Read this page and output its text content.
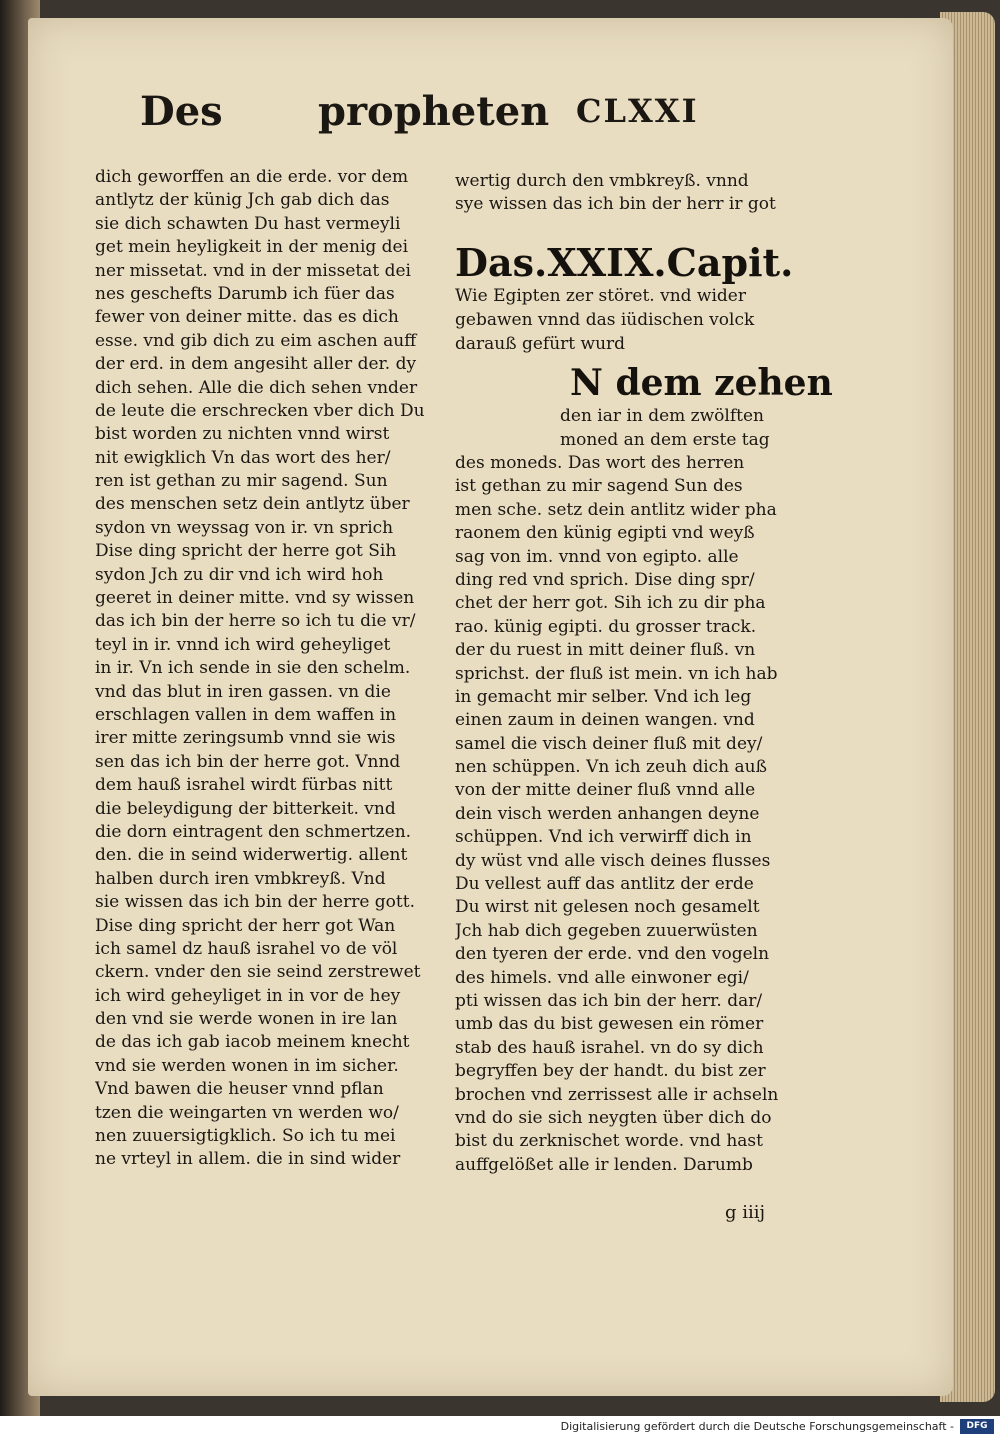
Des propheten CLXXI
dich geworffen an die erde. vor dem
antlytz der künig Jch gab dich das
sie dich schawten Du hast vermeyli
get mein heyligkeit in der menig dei
ner missetat. vnd in der missetat dei
nes geschefts Darumb ich füer das
fewer von deiner mitte. das es dich
esse. vnd gib dich zu eim aschen auff
der erd. in dem angesiht aller der. dy
dich sehen. Alle die dich sehen vnder
de leute die erschrecken vber dich Du
bist worden zu nichten vnnd wirst
nit ewigklich Vn das wort des her/
ren ist gethan zu mir sagend. Sun
des menschen setz dein antlytz über
sydon vn weyssag von ir. vn sprich
Dise ding spricht der herre got Sih
sydon Jch zu dir vnd ich wird hoh
geeret in deiner mitte. vnd sy wissen
das ich bin der herre so ich tu die vr/
teyl in ir. vnnd ich wird geheyliget
in ir. Vn ich sende in sie den schelm.
vnd das blut in iren gassen. vn die
erschlagen vallen in dem waffen in
irer mitte zeringsumb vnnd sie wis
sen das ich bin der herre got. Vnnd
dem hauß israhel wirdt fürbas nitt
die beleydigung der bitterkeit. vnd
die dorn eintragent den schmertzen.
den. die in seind widerwertig. allent
halben durch iren vmbkreyß. Vnd
sie wissen das ich bin der herre gott.
Dise ding spricht der herr got Wan
ich samel dz hauß israhel vo de völ
ckern. vnder den sie seind zerstrewet
ich wird geheyliget in in vor de hey
den vnd sie werde wonen in ire lan
de das ich gab iacob meinem knecht
vnd sie werden wonen in im sicher.
Vnd bawen die heuser vnnd pflan
tzen die weingarten vn werden wo/
nen zuuersigtigklich. So ich tu mei
ne vrteyl in allem. die in sind wider
wertig durch den vmbkreyß. vnnd
sye wissen das ich bin der herr ir got
Das.XXIX.Capit.
Wie Egipten zer störet. vnd wider
gebawen vnnd das iüdischen volck
darauß gefürt wurd
N dem zehen
den iar in dem zwölften
moned an dem erste tag
des moneds. Das wort des herren
ist gethan zu mir sagend Sun des
men sche. setz dein antlitz wider pha
raonem den künig egipti vnd weyß
sag von im. vnnd von egipto. alle
ding red vnd sprich. Dise ding spr/
chet der herr got. Sih ich zu dir pha
rao. künig egipti. du grosser track.
der du ruest in mitt deiner fluß. vn
sprichst. der fluß ist mein. vn ich hab
in gemacht mir selber. Vnd ich leg
einen zaum in deinen wangen. vnd
samel die visch deiner fluß mit dey/
nen schüppen. Vn ich zeuh dich auß
von der mitte deiner fluß vnnd alle
dein visch werden anhangen deyne
schüppen. Vnd ich verwirff dich in
dy wüst vnd alle visch deines flusses
Du vellest auff das antlitz der erde
Du wirst nit gelesen noch gesamelt
Jch hab dich gegeben zuuerwüsten
den tyeren der erde. vnd den vogeln
des himels. vnd alle einwoner egi/
pti wissen das ich bin der herr. dar/
umb das du bist gewesen ein römer
stab des hauß israhel. vn do sy dich
begryffen bey der handt. du bist zer
brochen vnd zerrissest alle ir achseln
vnd do sie sich neygten über dich do
bist du zerknischet worde. vnd hast
auffgelößet alle ir lenden. Darumb
g iiij
Digitalisierung gefördert durch die Deutsche Forschungsgemeinschaft -	DFG
